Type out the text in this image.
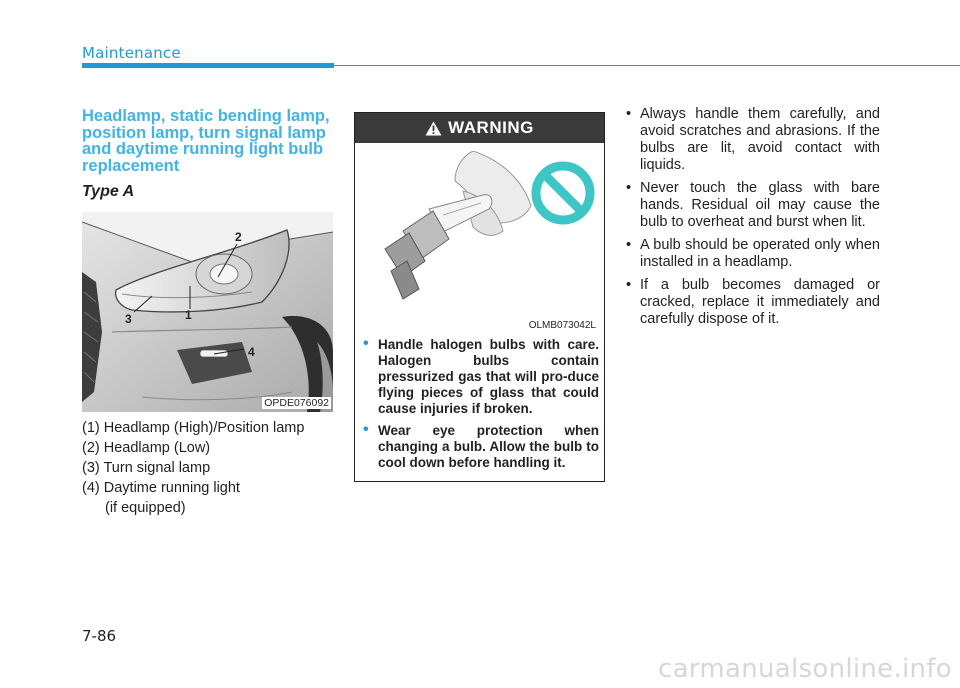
Maintenance
Headlamp, static bending lamp, position lamp, turn signal lamp and daytime running light bulb replacement
Type A
2
1
3
4
OPDE076092
(1) Headlamp (High)/Position lamp
(2) Headlamp (Low)
(3) Turn signal lamp
(4) Daytime running light
(if equipped)
WARNING
OLMB073042L
• Handle halogen bulbs with care. Halogen bulbs contain pressurized gas that will pro-duce flying pieces of glass that could cause injuries if broken.
• Wear eye protection when changing a bulb. Allow the bulb to cool down before handling it.
• Always handle them carefully, and avoid scratches and abrasions. If the bulbs are lit, avoid contact with liquids.
• Never touch the glass with bare hands. Residual oil may cause the bulb to overheat and burst when lit.
• A bulb should be operated only when installed in a headlamp.
• If a bulb becomes damaged or cracked, replace it immediately and carefully dispose of it.
7-86
carmanualsonline.info
